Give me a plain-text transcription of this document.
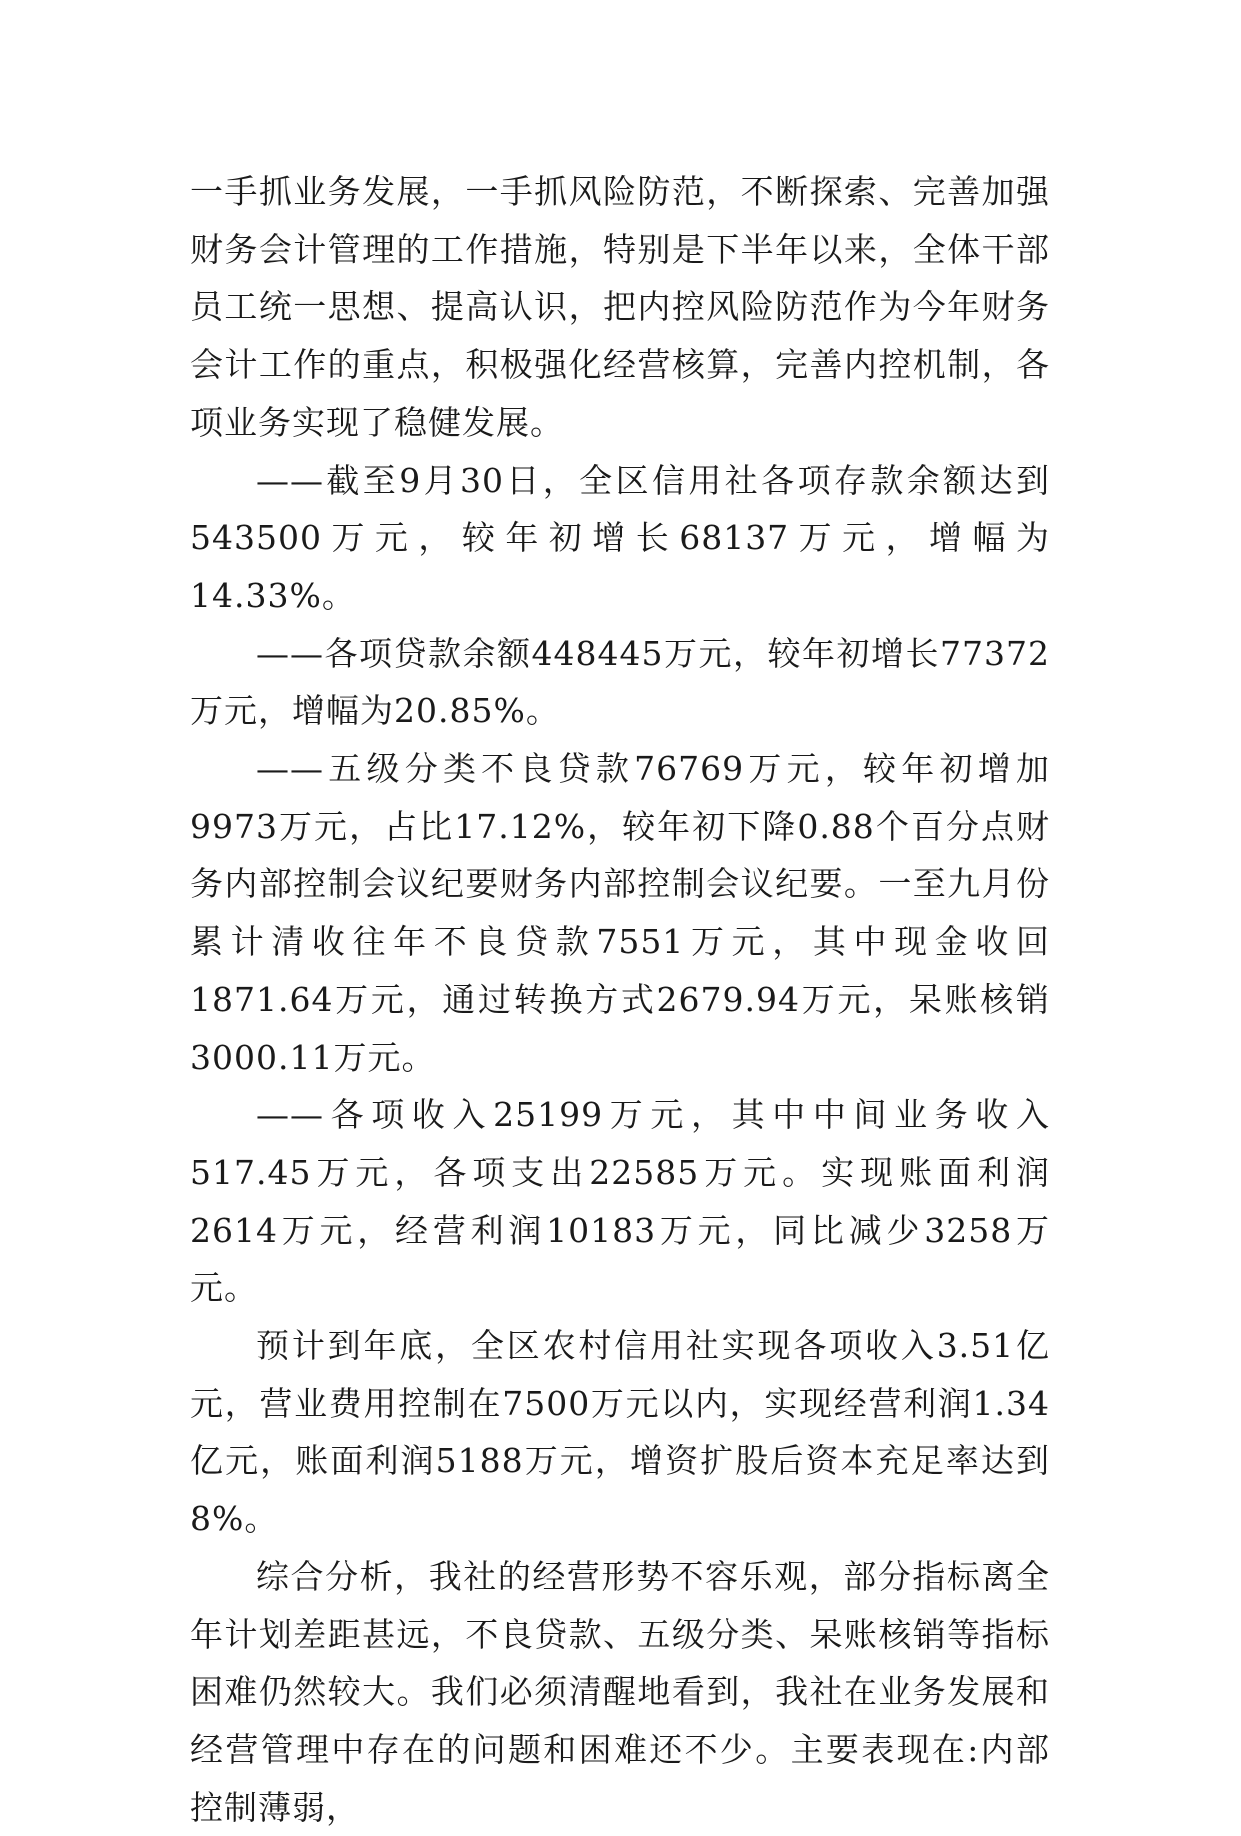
一手抓业务发展，一手抓风险防范，不断探索、完善加强财务会计管理的工作措施，特别是下半年以来，全体干部员工统一思想、提高认识，把内控风险防范作为今年财务会计工作的重点，积极强化经营核算，完善内控机制，各项业务实现了稳健发展。

——截至9月30日，全区信用社各项存款余额达到543500万元，较年初增长68137万元，增幅为14.33%。

——各项贷款余额448445万元，较年初增长77372万元，增幅为20.85%。

——五级分类不良贷款76769万元，较年初增加9973万元，占比17.12%，较年初下降0.88个百分点财务内部控制会议纪要财务内部控制会议纪要。一至九月份累计清收往年不良贷款7551万元，其中现金收回1871.64万元，通过转换方式2679.94万元，呆账核销3000.11万元。

——各项收入25199万元，其中中间业务收入517.45万元，各项支出22585万元。实现账面利润2614万元，经营利润10183万元，同比减少3258万元。

预计到年底，全区农村信用社实现各项收入3.51亿元，营业费用控制在7500万元以内，实现经营利润1.34亿元，账面利润5188万元，增资扩股后资本充足率达到8%。

综合分析，我社的经营形势不容乐观，部分指标离全年计划差距甚远，不良贷款、五级分类、呆账核销等指标困难仍然较大。我们必须清醒地看到，我社在业务发展和经营管理中存在的问题和困难还不少。主要表现在:内部控制薄弱，
